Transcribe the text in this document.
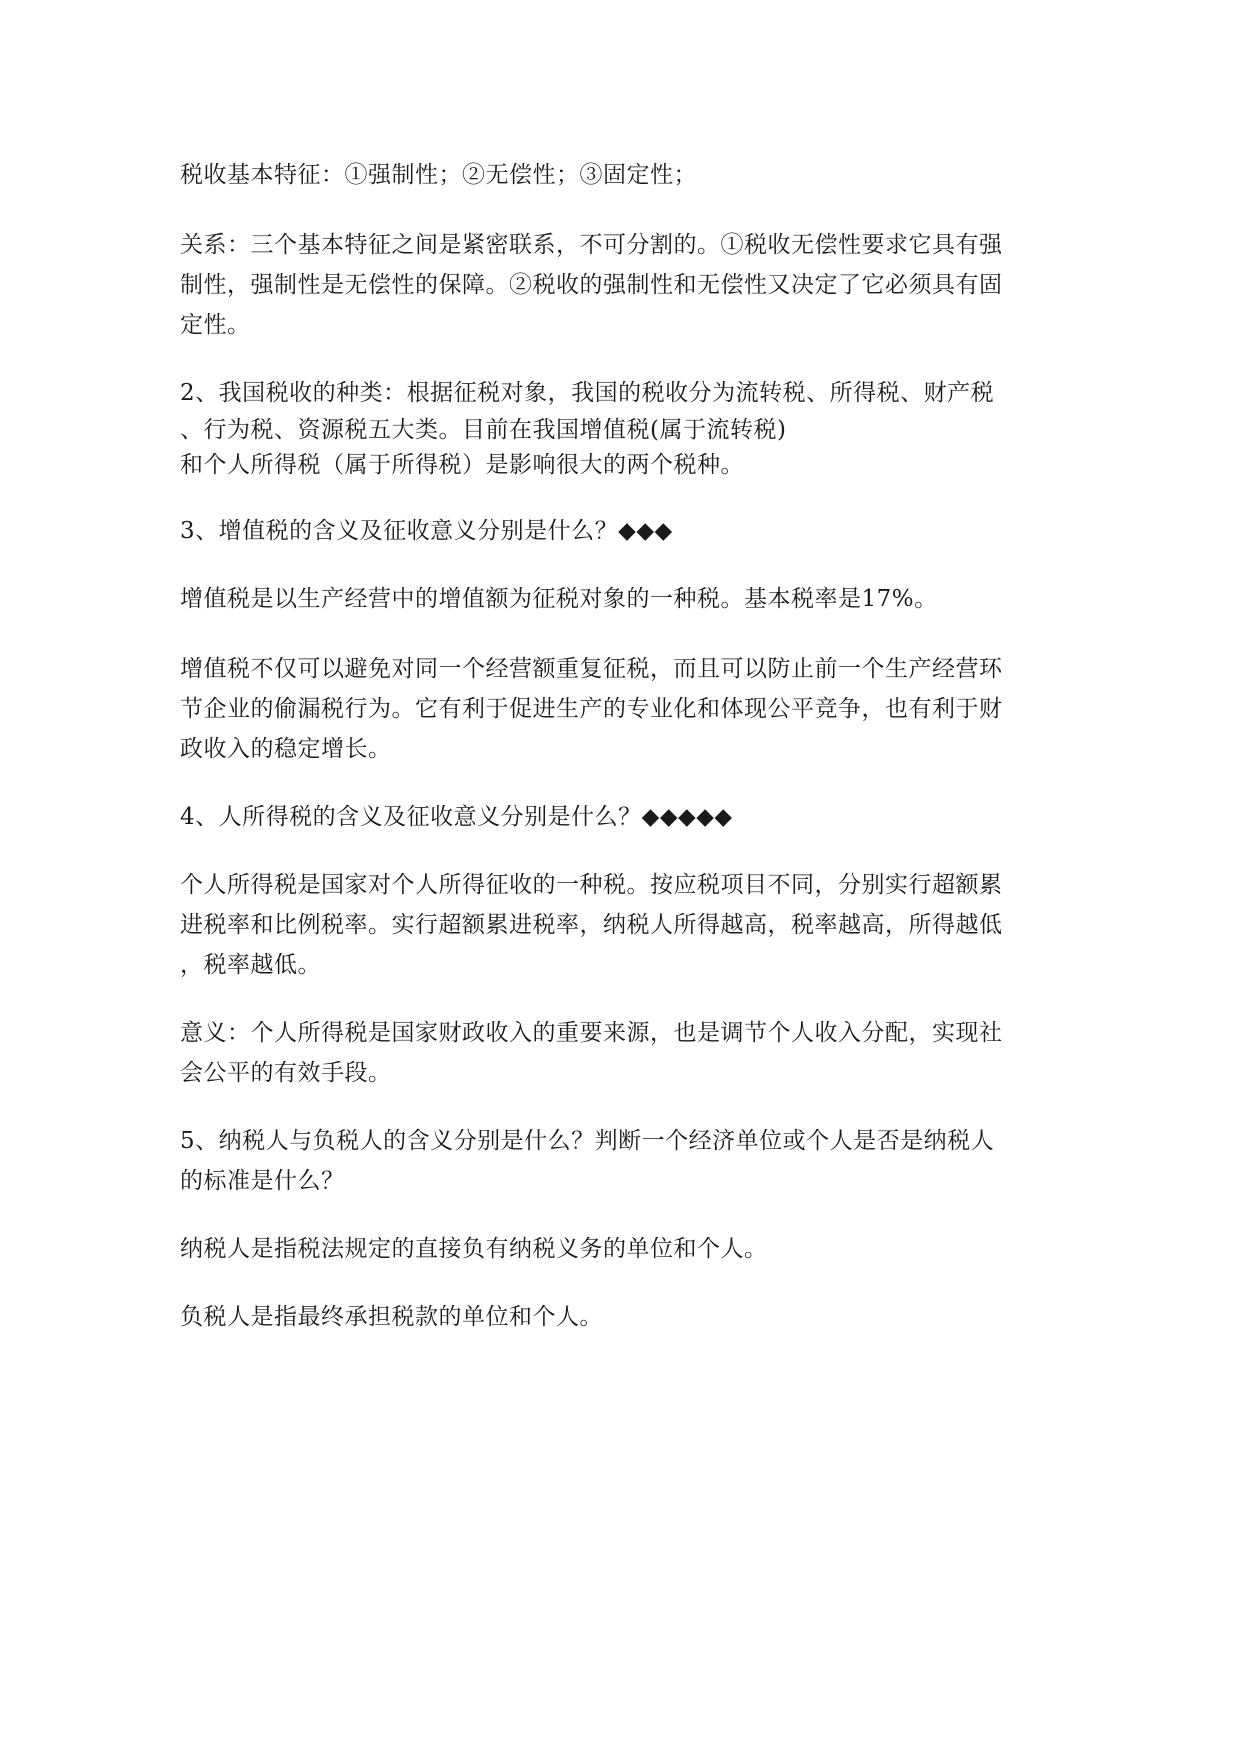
税收基本特征：①强制性；②无偿性；③固定性；

关系：三个基本特征之间是紧密联系，不可分割的。①税收无偿性要求它具有强
制性，强制性是无偿性的保障。②税收的强制性和无偿性又决定了它必须具有固
定性。

2、我国税收的种类：根据征税对象，我国的税收分为流转税、所得税、财产税
、行为税、资源税五大类。目前在我国增值税(属于流转税)
和个人所得税（属于所得税）是影响很大的两个税种。

3、增值税的含义及征收意义分别是什么？◆◆◆

增值税是以生产经营中的增值额为征税对象的一种税。基本税率是17%。

增值税不仅可以避免对同一个经营额重复征税，而且可以防止前一个生产经营环
节企业的偷漏税行为。它有利于促进生产的专业化和体现公平竞争，也有利于财
政收入的稳定增长。

4、人所得税的含义及征收意义分别是什么？◆◆◆◆◆

个人所得税是国家对个人所得征收的一种税。按应税项目不同，分别实行超额累
进税率和比例税率。实行超额累进税率，纳税人所得越高，税率越高，所得越低
，税率越低。

意义：个人所得税是国家财政收入的重要来源，也是调节个人收入分配，实现社
会公平的有效手段。

5、纳税人与负税人的含义分别是什么？判断一个经济单位或个人是否是纳税人
的标准是什么？

纳税人是指税法规定的直接负有纳税义务的单位和个人。

负税人是指最终承担税款的单位和个人。
